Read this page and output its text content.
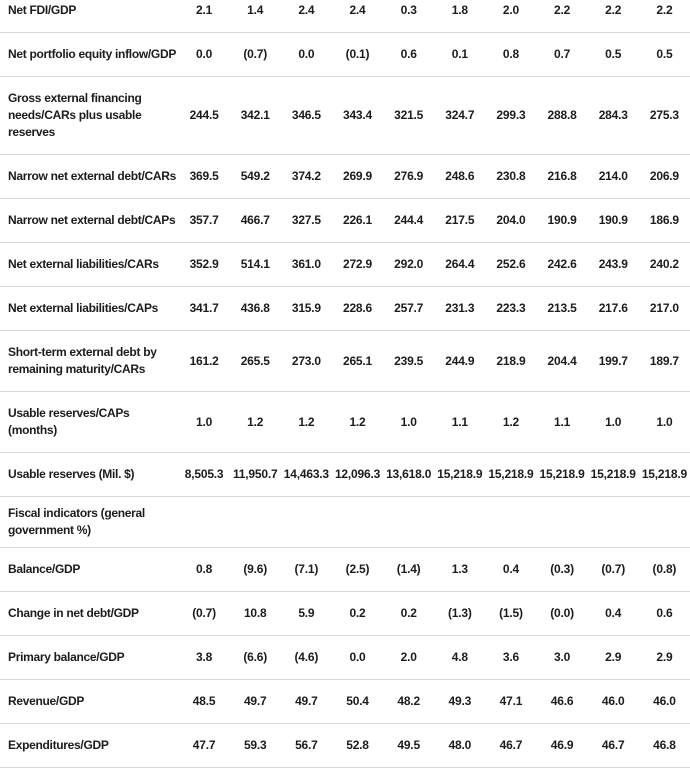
Net FDI/GDP	2.1	1.4	2.4	2.4	0.3	1.8	2.0	2.2	2.2	2.2
Net portfolio equity inflow/GDP	0.0	(0.7)	0.0	(0.1)	0.6	0.1	0.8	0.7	0.5	0.5
Gross external financing needs/CARs plus usable reserves	244.5	342.1	346.5	343.4	321.5	324.7	299.3	288.8	284.3	275.3
Narrow net external debt/CARs	369.5	549.2	374.2	269.9	276.9	248.6	230.8	216.8	214.0	206.9
Narrow net external debt/CAPs	357.7	466.7	327.5	226.1	244.4	217.5	204.0	190.9	190.9	186.9
Net external liabilities/CARs	352.9	514.1	361.0	272.9	292.0	264.4	252.6	242.6	243.9	240.2
Net external liabilities/CAPs	341.7	436.8	315.9	228.6	257.7	231.3	223.3	213.5	217.6	217.0
Short-term external debt by remaining maturity/CARs	161.2	265.5	273.0	265.1	239.5	244.9	218.9	204.4	199.7	189.7
Usable reserves/CAPs (months)	1.0	1.2	1.2	1.2	1.0	1.1	1.2	1.1	1.0	1.0
Usable reserves (Mil. $)	8,505.3	11,950.7	14,463.3	12,096.3	13,618.0	15,218.9	15,218.9	15,218.9	15,218.9	15,218.9
Fiscal indicators (general government %)										
Balance/GDP	0.8	(9.6)	(7.1)	(2.5)	(1.4)	1.3	0.4	(0.3)	(0.7)	(0.8)
Change in net debt/GDP	(0.7)	10.8	5.9	0.2	0.2	(1.3)	(1.5)	(0.0)	0.4	0.6
Primary balance/GDP	3.8	(6.6)	(4.6)	0.0	2.0	4.8	3.6	3.0	2.9	2.9
Revenue/GDP	48.5	49.7	49.7	50.4	48.2	49.3	47.1	46.6	46.0	46.0
Expenditures/GDP	47.7	59.3	56.7	52.8	49.5	48.0	46.7	46.9	46.7	46.8
